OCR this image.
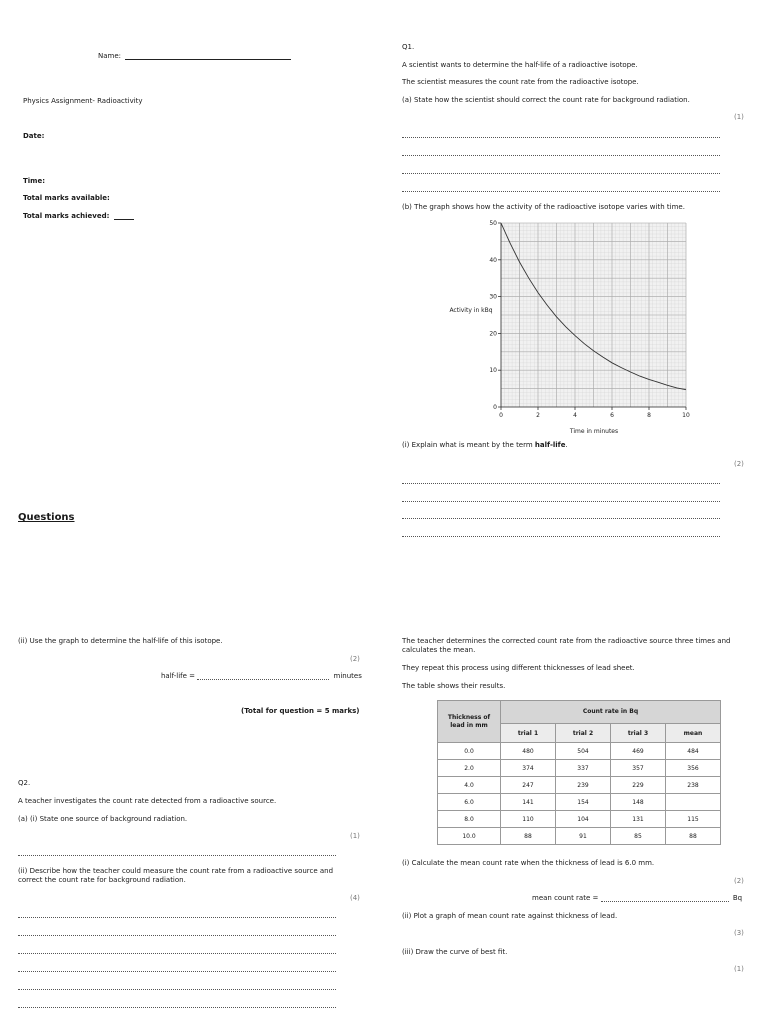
Name:
Physics Assignment- Radioactivity
Date:
Time:
Total marks available:
Total marks achieved:
Questions
Q1.
A scientist wants to determine the half-life of a radioactive isotope.
The scientist measures the count rate from the radioactive isotope.
(a) State how the scientist should correct the count rate for background radiation.
(1)
(b) The graph shows how the activity of the radioactive isotope varies with time.
0	2	4	6	8	10
0
10
20
30
40
50
Activity in kBq
Time in minutes
(i) Explain what is meant by the term half-life.
(2)
(ii) Use the graph to determine the half-life of this isotope.
(2)
half-life =	minutes
(Total for question = 5 marks)
Q2.
A teacher investigates the count rate detected from a radioactive source.
(a) (i) State one source of background radiation.
(1)
(ii) Describe how the teacher could measure the count rate from a radioactive source and correct the count rate for background radiation.
(4)
The teacher determines the corrected count rate from the radioactive source three times and calculates the mean.
They repeat this process using different thicknesses of lead sheet.
The table shows their results.
Thickness of lead in mm	Count rate in Bq			
	trial 1	trial 2	trial 3	mean
0.0	480	504	469	484
2.0	374	337	357	356
4.0	247	239	229	238
6.0	141	154	148	
8.0	110	104	131	115
10.0	88	91	85	88
(i) Calculate the mean count rate when the thickness of lead is 6.0 mm.
(2)
mean count rate =	Bq
(ii) Plot a graph of mean count rate against thickness of lead.
(3)
(iii) Draw the curve of best fit.
(1)
